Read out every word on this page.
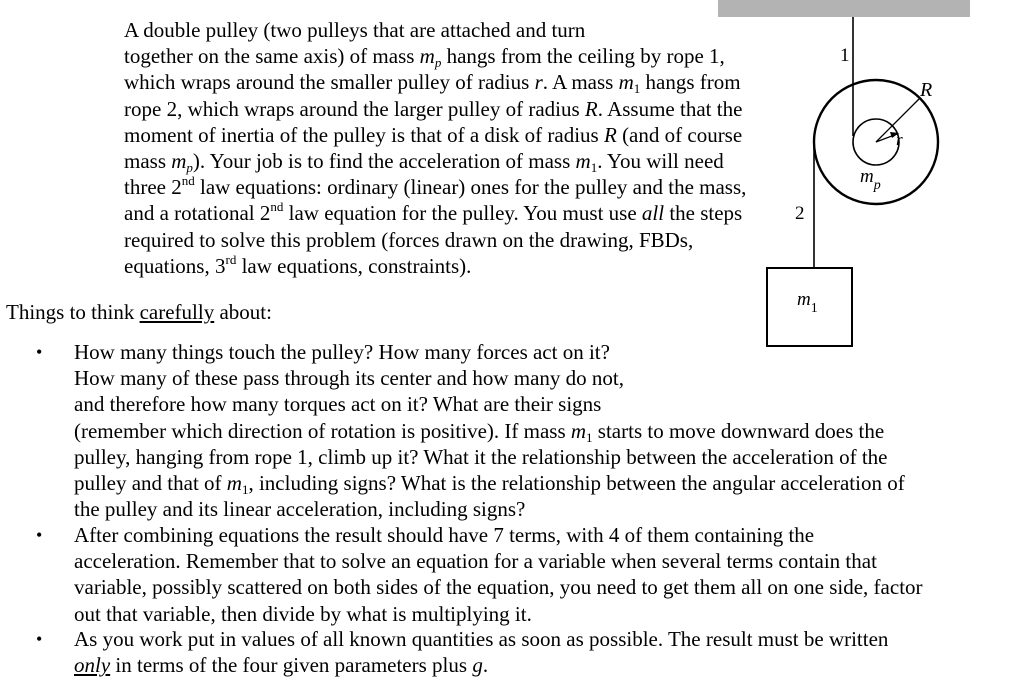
A double pulley (two pulleys that are attached and turn
together on the same axis) of mass $m_p$ hangs from the ceiling by rope 1,
which wraps around the smaller pulley of radius r. A mass $m_1$ hangs from
rope 2, which wraps around the larger pulley of radius R. Assume that the
moment of inertia of the pulley is that of a disk of radius R (and of course
mass $m_p$). Your job is to find the acceleration of mass $m_1$. You will need
three 2nd law equations: ordinary (linear) ones for the pulley and the mass,
and a rotational 2nd law equation for the pulley. You must use all the steps
required to solve this problem (forces drawn on the drawing, FBDs,
equations, 3rd law equations, constraints).

Things to think carefully about:

• How many things touch the pulley? How many forces act on it?
How many of these pass through its center and how many do not,
and therefore how many torques act on it? What are their signs
(remember which direction of rotation is positive). If mass $m_1$ starts to move downward does the
pulley, hanging from rope 1, climb up it? What it the relationship between the acceleration of the
pulley and that of $m_1$, including signs? What is the relationship between the angular acceleration of
the pulley and its linear acceleration, including signs?
• After combining equations the result should have 7 terms, with 4 of them containing the
acceleration. Remember that to solve an equation for a variable when several terms contain that
variable, possibly scattered on both sides of the equation, you need to get them all on one side, factor
out that variable, then divide by what is multiplying it.
• As you work put in values of all known quantities as soon as possible. The result must be written
only in terms of the four given parameters plus g.
1
2
R
r
$m_p$
$m_1$
